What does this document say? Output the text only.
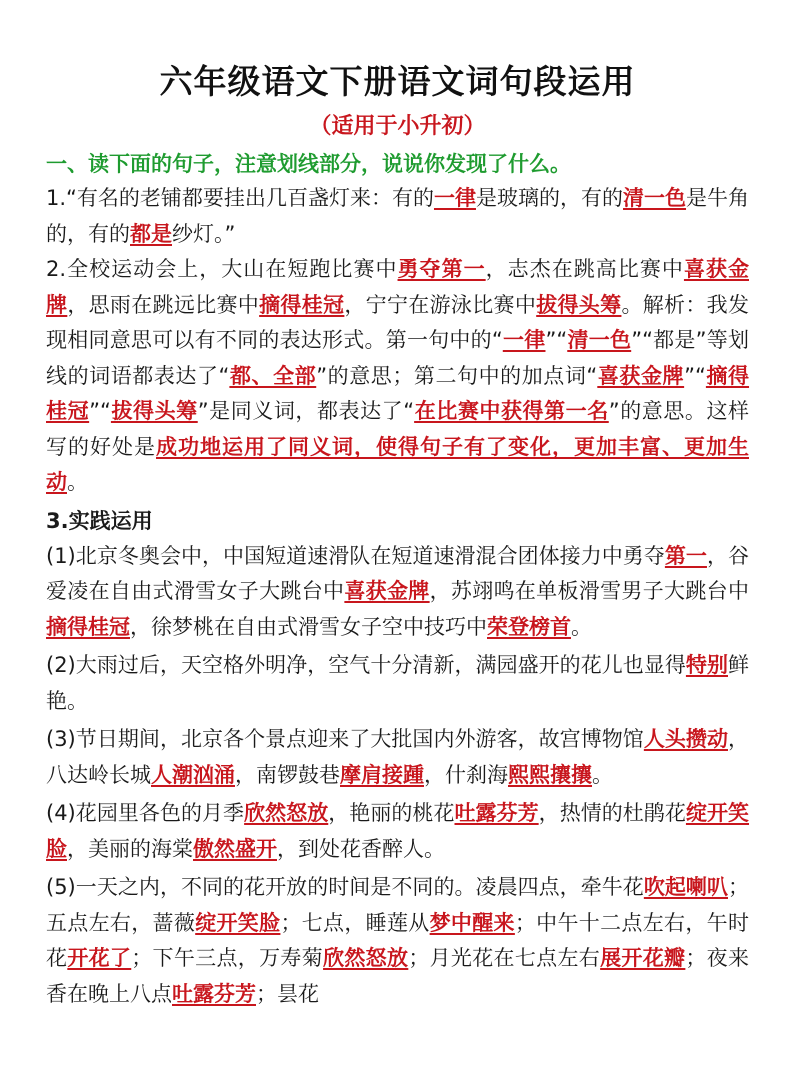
六年级语文下册语文词句段运用
（适用于小升初）
一、读下面的句子，注意划线部分，说说你发现了什么。

1.“有名的老铺都要挂出几百盏灯来：有的一律是玻璃的，有的清一色是牛角的，有的都是纱灯。”

2.全校运动会上，大山在短跑比赛中勇夺第一，志杰在跳高比赛中喜获金牌，思雨在跳远比赛中摘得桂冠，宁宁在游泳比赛中拔得头筹。解析：我发现相同意思可以有不同的表达形式。第一句中的“一律”“清一色”“都是”等划线的词语都表达了“都、全部”的意思；第二句中的加点词“喜获金牌”“摘得桂冠”“拔得头筹”是同义词，都表达了“在比赛中获得第一名”的意思。这样写的好处是成功地运用了同义词，使得句子有了变化，更加丰富、更加生动。

3.实践运用

(1)北京冬奥会中，中国短道速滑队在短道速滑混合团体接力中勇夺第一，谷爱凌在自由式滑雪女子大跳台中喜获金牌，苏翊鸣在单板滑雪男子大跳台中摘得桂冠，徐梦桃在自由式滑雪女子空中技巧中荣登榜首。

(2)大雨过后，天空格外明净，空气十分清新，满园盛开的花儿也显得特别鲜艳。

(3)节日期间，北京各个景点迎来了大批国内外游客，故宫博物馆人头攒动，八达岭长城人潮汹涌，南锣鼓巷摩肩接踵，什刹海熙熙攘攘。

(4)花园里各色的月季欣然怒放，艳丽的桃花吐露芬芳，热情的杜鹃花绽开笑脸，美丽的海棠傲然盛开，到处花香醉人。

(5)一天之内，不同的花开放的时间是不同的。凌晨四点，牵牛花吹起喇叭；五点左右，蔷薇绽开笑脸；七点，睡莲从梦中醒来；中午十二点左右，午时花开花了；下午三点，万寿菊欣然怒放；月光花在七点左右展开花瓣；夜来香在晚上八点吐露芬芳；昙花
